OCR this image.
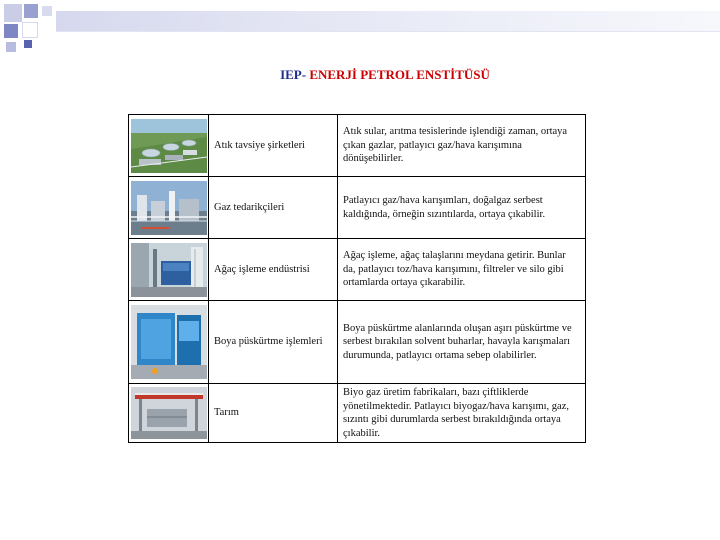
IEP- ENERJİ PETROL ENSTİTÜSÜ
	Atık tavsiye şirketleri	Atık sular, arıtma tesislerinde işlendiği zaman, ortaya çıkan gazlar, patlayıcı gaz/hava karışımına dönüşebilirler.

	Gaz tedarikçileri	Patlayıcı gaz/hava karışımları, doğalgaz serbest kaldığında, örneğin sızıntılarda, ortaya çıkabilir.

	Ağaç işleme endüstrisi	Ağaç işleme, ağaç talaşlarını meydana getirir. Bunlar da, patlayıcı toz/hava karışımını, filtreler ve silo gibi ortamlarda ortaya çıkarabilir.

	Boya püskürtme işlemleri	Boya püskürtme alanlarında oluşan aşırı püskürtme ve serbest bırakılan solvent buharlar, havayla karışmaları durumunda, patlayıcı ortama sebep olabilirler.

	Tarım	Biyo gaz üretim fabrikaları, bazı çiftliklerde yönetilmektedir. Patlayıcı biyogaz/hava karışımı, gaz, sızıntı gibi durumlarda serbest bırakıldığında ortaya çıkabilir.
